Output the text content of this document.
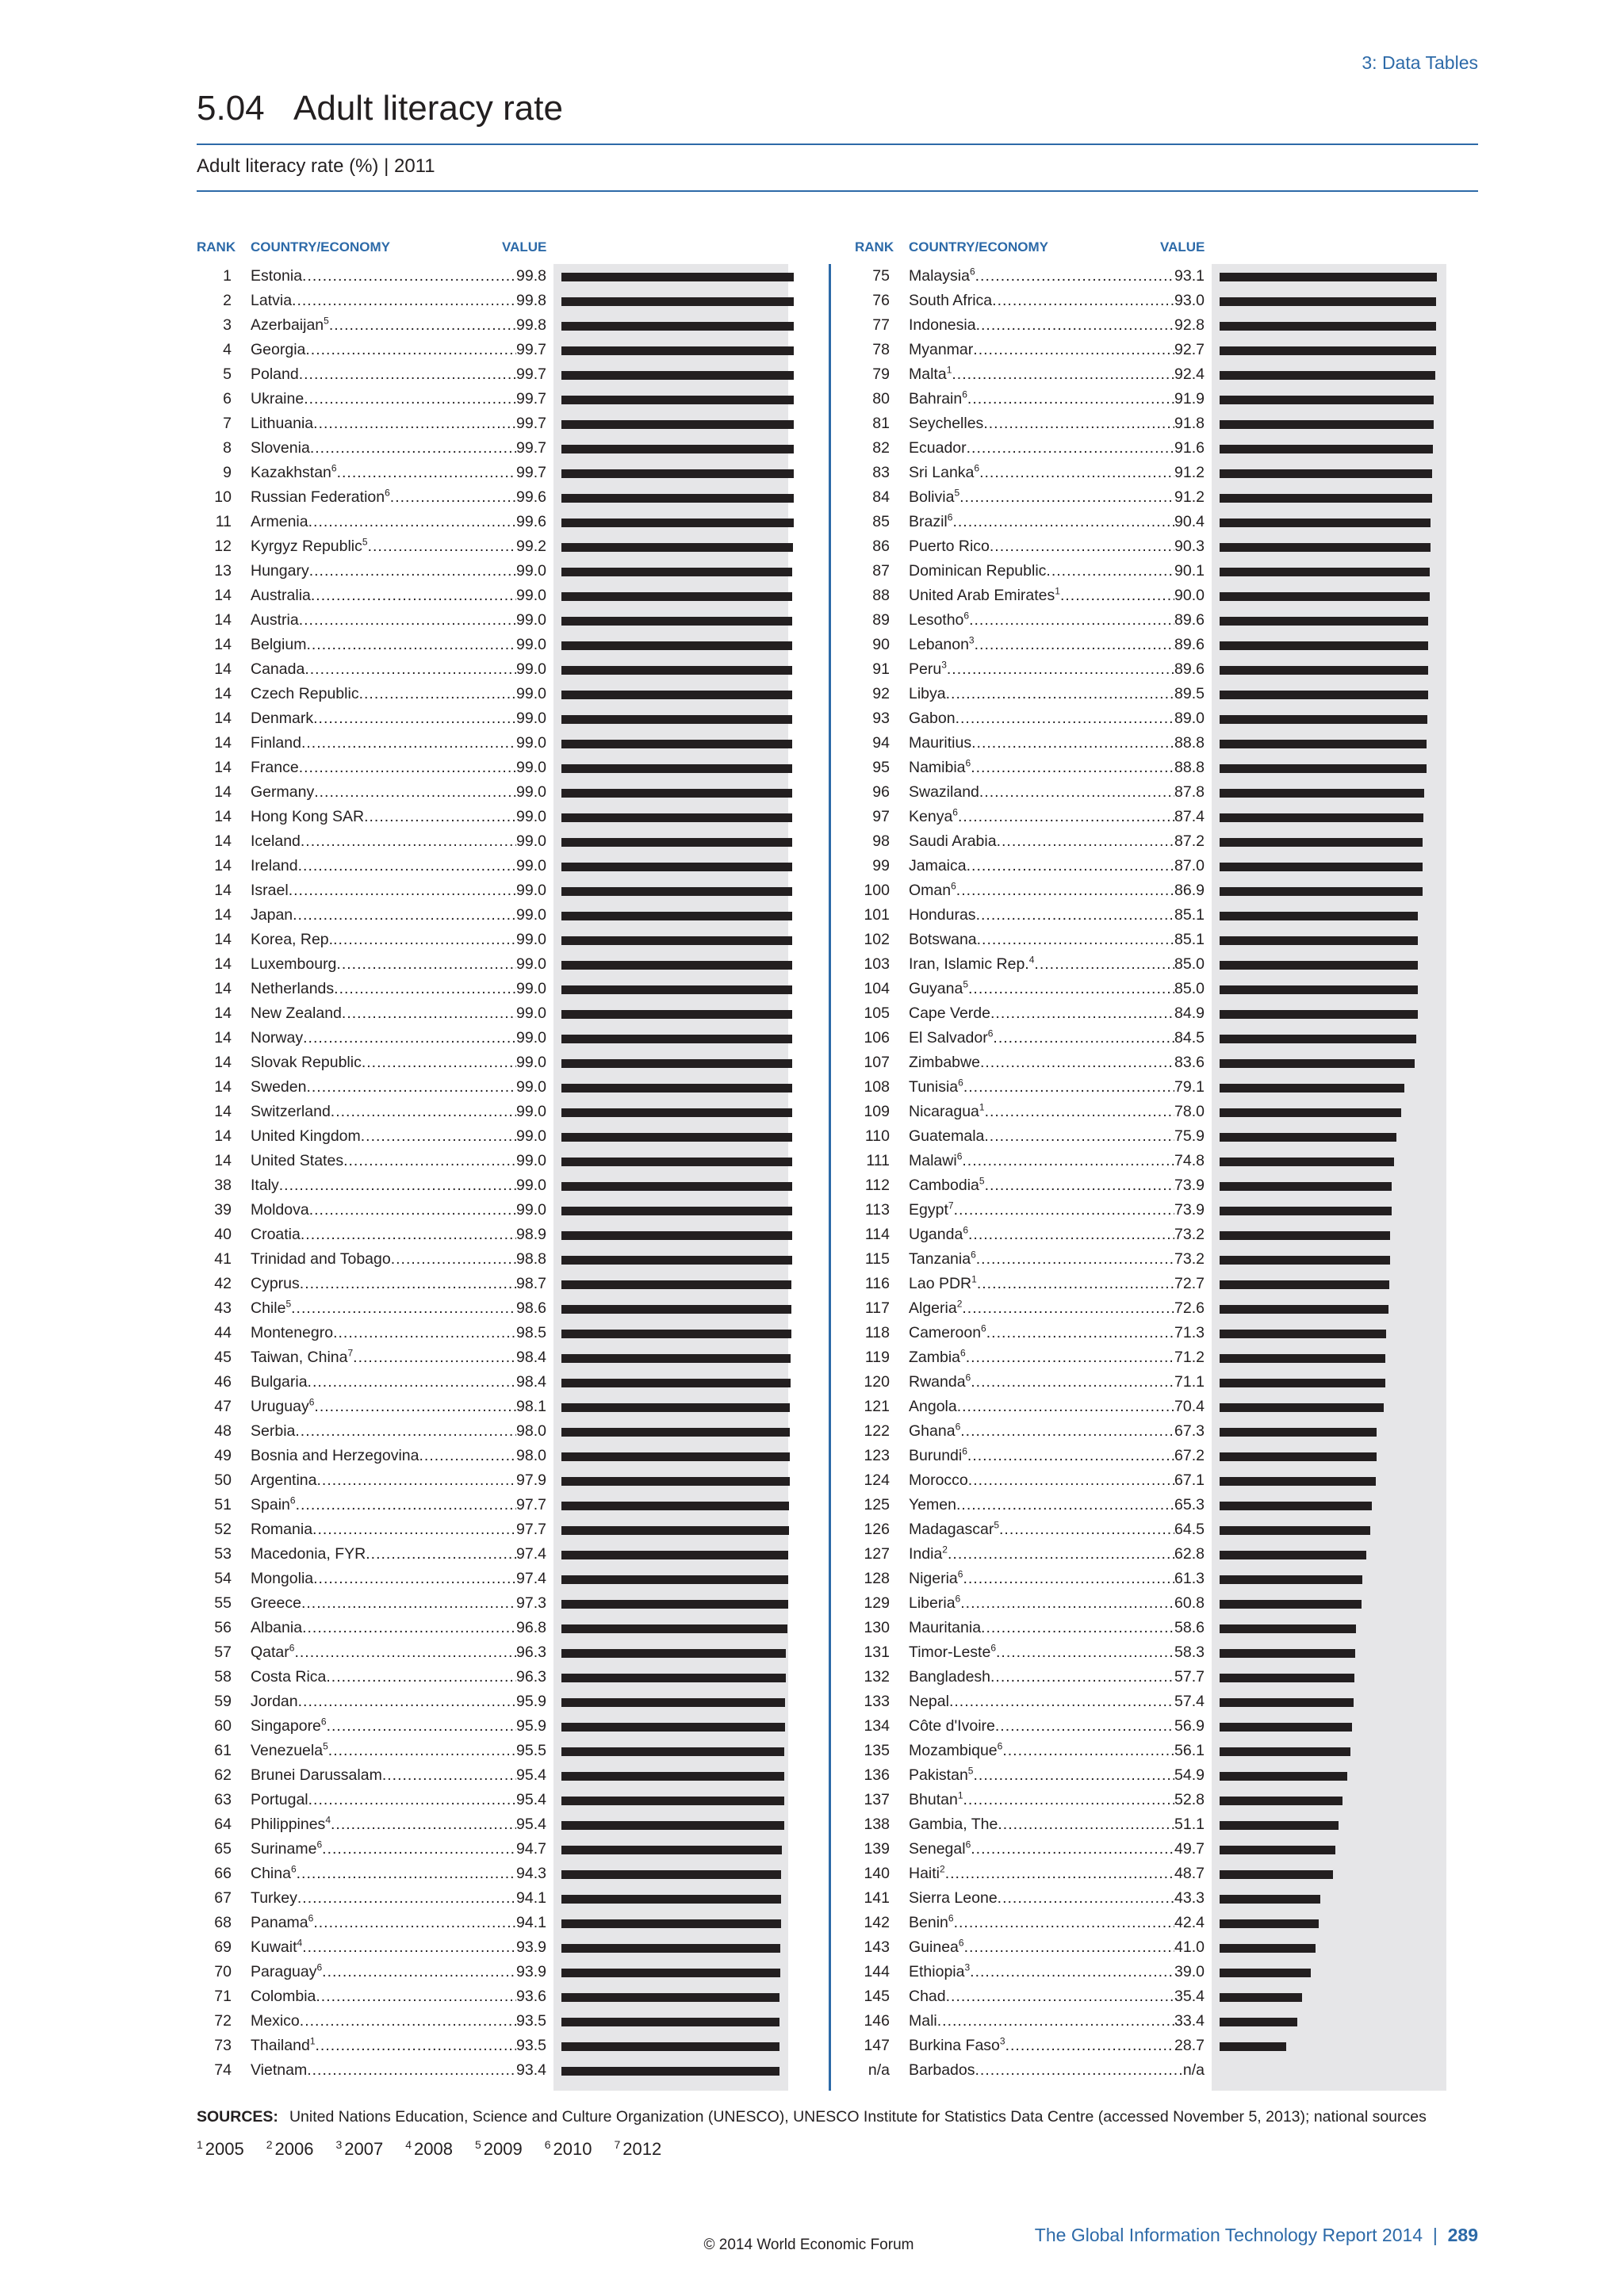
3: Data Tables
5.04 Adult literacy rate
Adult literacy rate (%) | 2011
RANK COUNTRY/ECONOMY	VALUE	RANK COUNTRY/ECONOMY	VALUE
1 Estonia .....	99.8
2 Latvia .....	99.8
3 Azerbaijan$^5$ .....	99.8
4 Georgia .....	99.7
5 Poland .....	99.7
6 Ukraine .....	99.7
7 Lithuania .....	99.7
8 Slovenia .....	99.7
9 Kazakhstan$^6$ .....	99.7
10 Russian Federation$^6$ .....	99.6
11 Armenia .....	99.6
12 Kyrgyz Republic$^5$ .....	99.2
13 Hungary .....	99.0
14 Australia .....	99.0
14 Austria .....	99.0
14 Belgium .....	99.0
14 Canada .....	99.0
14 Czech Republic .....	99.0
14 Denmark .....	99.0
14 Finland .....	99.0
14 France .....	99.0
14 Germany .....	99.0
14 Hong Kong SAR .....	99.0
14 Iceland .....	99.0
14 Ireland .....	99.0
14 Israel .....	99.0
14 Japan .....	99.0
14 Korea, Rep. .....	99.0
14 Luxembourg .....	99.0
14 Netherlands .....	99.0
14 New Zealand .....	99.0
14 Norway .....	99.0
14 Slovak Republic .....	99.0
14 Sweden .....	99.0
14 Switzerland .....	99.0
14 United Kingdom .....	99.0
14 United States .....	99.0
38 Italy .....	99.0
39 Moldova .....	99.0
40 Croatia .....	98.9
41 Trinidad and Tobago .....	98.8
42 Cyprus .....	98.7
43 Chile$^5$ .....	98.6
44 Montenegro .....	98.5
45 Taiwan, China$^7$ .....	98.4
46 Bulgaria .....	98.4
47 Uruguay$^6$ .....	98.1
48 Serbia .....	98.0
49 Bosnia and Herzegovina .....	98.0
50 Argentina .....	97.9
51 Spain$^6$ .....	97.7
52 Romania .....	97.7
53 Macedonia, FYR .....	97.4
54 Mongolia .....	97.4
55 Greece .....	97.3
56 Albania .....	96.8
57 Qatar$^6$ .....	96.3
58 Costa Rica .....	96.3
59 Jordan .....	95.9
60 Singapore$^6$ .....	95.9
61 Venezuela$^5$ .....	95.5
62 Brunei Darussalam .....	95.4
63 Portugal .....	95.4
64 Philippines$^4$ .....	95.4
65 Suriname$^6$ .....	94.7
66 China$^6$ .....	94.3
67 Turkey .....	94.1
68 Panama$^6$ .....	94.1
69 Kuwait$^4$ .....	93.9
70 Paraguay$^6$ .....	93.9
71 Colombia .....	93.6
72 Mexico .....	93.5
73 Thailand$^1$ .....	93.5
74 Vietnam .....	93.4
75 Malaysia$^6$ .....	93.1
76 South Africa .....	93.0
77 Indonesia .....	92.8
78 Myanmar .....	92.7
79 Malta$^1$ .....	92.4
80 Bahrain$^6$ .....	91.9
81 Seychelles .....	91.8
82 Ecuador .....	91.6
83 Sri Lanka$^6$ .....	91.2
84 Bolivia$^5$ .....	91.2
85 Brazil$^6$ .....	90.4
86 Puerto Rico .....	90.3
87 Dominican Republic .....	90.1
88 United Arab Emirates$^1$ .....	90.0
89 Lesotho$^6$ .....	89.6
90 Lebanon$^3$ .....	89.6
91 Peru$^3$ .....	89.6
92 Libya .....	89.5
93 Gabon .....	89.0
94 Mauritius .....	88.8
95 Namibia$^6$ .....	88.8
96 Swaziland .....	87.8
97 Kenya$^6$ .....	87.4
98 Saudi Arabia .....	87.2
99 Jamaica .....	87.0
100 Oman$^6$ .....	86.9
101 Honduras .....	85.1
102 Botswana .....	85.1
103 Iran, Islamic Rep.$^4$ .....	85.0
104 Guyana$^5$ .....	85.0
105 Cape Verde .....	84.9
106 El Salvador$^6$ .....	84.5
107 Zimbabwe .....	83.6
108 Tunisia$^6$ .....	79.1
109 Nicaragua$^1$ .....	78.0
110 Guatemala .....	75.9
111 Malawi$^6$ .....	74.8
112 Cambodia$^5$ .....	73.9
113 Egypt$^7$ .....	73.9
114 Uganda$^6$ .....	73.2
115 Tanzania$^6$ .....	73.2
116 Lao PDR$^1$ .....	72.7
117 Algeria$^2$ .....	72.6
118 Cameroon$^6$ .....	71.3
119 Zambia$^6$ .....	71.2
120 Rwanda$^6$ .....	71.1
121 Angola .....	70.4
122 Ghana$^6$ .....	67.3
123 Burundi$^6$ .....	67.2
124 Morocco .....	67.1
125 Yemen .....	65.3
126 Madagascar$^5$ .....	64.5
127 India$^2$ .....	62.8
128 Nigeria$^6$ .....	61.3
129 Liberia$^6$ .....	60.8
130 Mauritania .....	58.6
131 Timor-Leste$^6$ .....	58.3
132 Bangladesh .....	57.7
133 Nepal .....	57.4
134 Côte d'Ivoire .....	56.9
135 Mozambique$^6$ .....	56.1
136 Pakistan$^5$ .....	54.9
137 Bhutan$^1$ .....	52.8
138 Gambia, The .....	51.1
139 Senegal$^6$ .....	49.7
140 Haiti$^2$ .....	48.7
141 Sierra Leone .....	43.3
142 Benin$^6$ .....	42.4
143 Guinea$^6$ .....	41.0
144 Ethiopia$^3$ .....	39.0
145 Chad .....	35.4
146 Mali .....	33.4
147 Burkina Faso$^3$ .....	28.7
n/a Barbados .....	n/a
SOURCES: United Nations Education, Science and Culture Organization (UNESCO), UNESCO Institute for Statistics Data Centre (accessed November 5, 2013); national sources
$^1$ 2005 $^2$ 2006 $^3$ 2007 $^4$ 2008 $^5$ 2009 $^6$ 2010 $^7$ 2012
The Global Information Technology Report 2014 | 289
© 2014 World Economic Forum
